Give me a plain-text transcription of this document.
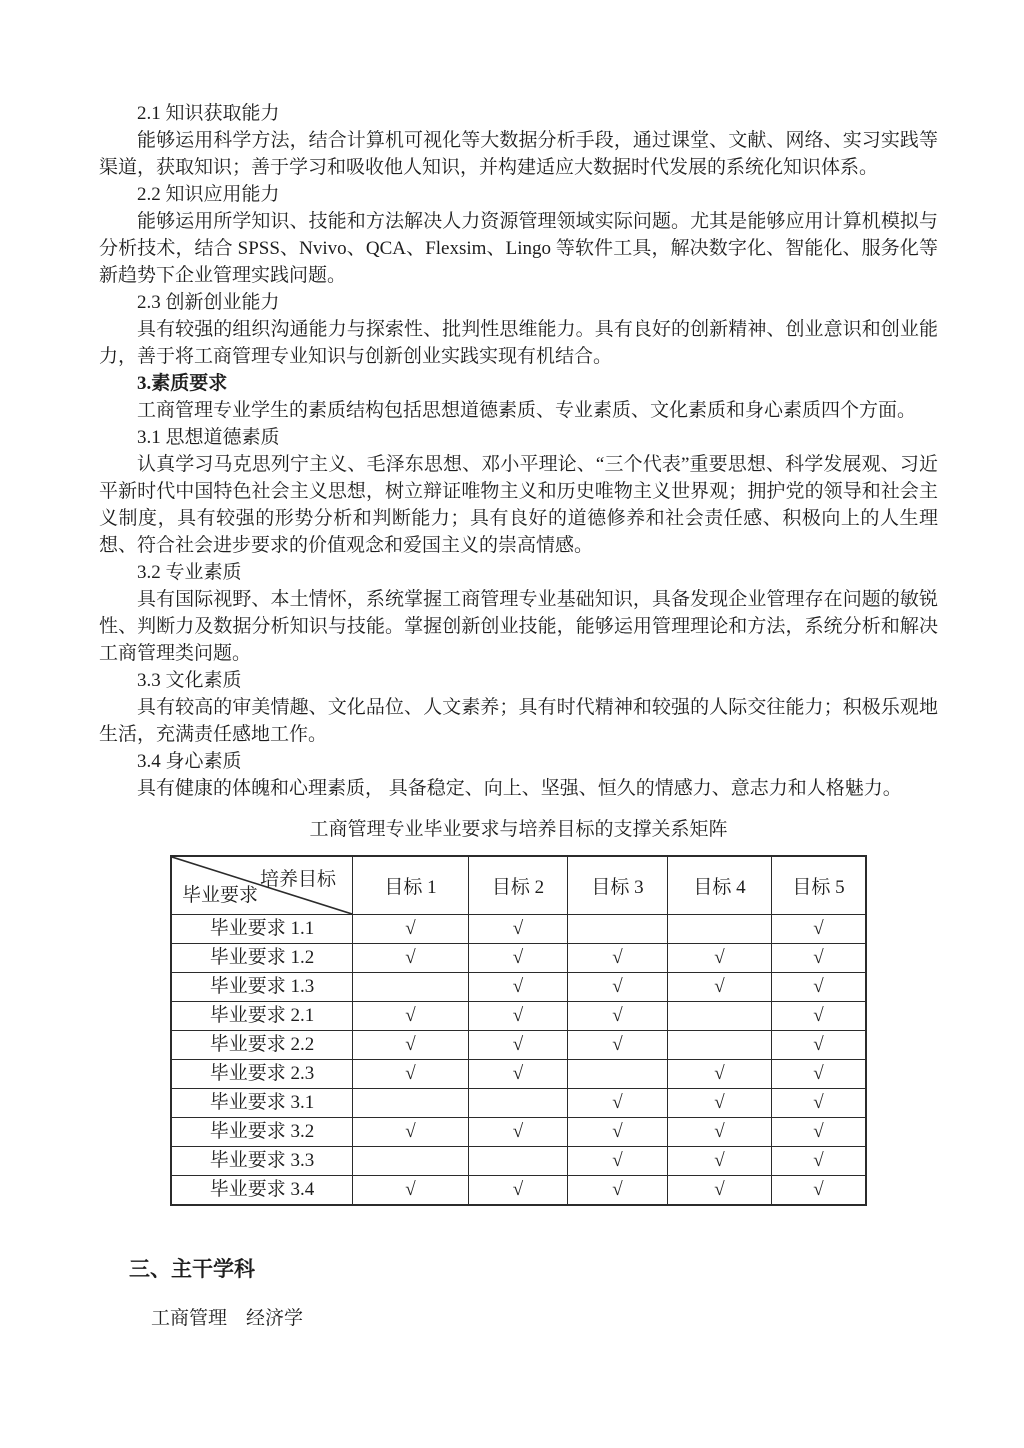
2.1 知识获取能力

能够运用科学方法，结合计算机可视化等大数据分析手段，通过课堂、文献、网络、实习实践等渠道，获取知识；善于学习和吸收他人知识，并构建适应大数据时代发展的系统化知识体系。

2.2 知识应用能力

能够运用所学知识、技能和方法解决人力资源管理领域实际问题。尤其是能够应用计算机模拟与分析技术，结合 SPSS、Nvivo、QCA、Flexsim、Lingo 等软件工具，解决数字化、智能化、服务化等新趋势下企业管理实践问题。

2.3 创新创业能力

具有较强的组织沟通能力与探索性、批判性思维能力。具有良好的创新精神、创业意识和创业能力，善于将工商管理专业知识与创新创业实践实现有机结合。

3.素质要求

工商管理专业学生的素质结构包括思想道德素质、专业素质、文化素质和身心素质四个方面。

3.1 思想道德素质

认真学习马克思列宁主义、毛泽东思想、邓小平理论、“三个代表”重要思想、科学发展观、习近平新时代中国特色社会主义思想，树立辩证唯物主义和历史唯物主义世界观；拥护党的领导和社会主义制度，具有较强的形势分析和判断能力；具有良好的道德修养和社会责任感、积极向上的人生理想、符合社会进步要求的价值观念和爱国主义的崇高情感。

3.2 专业素质

具有国际视野、本土情怀，系统掌握工商管理专业基础知识，具备发现企业管理存在问题的敏锐性、判断力及数据分析知识与技能。掌握创新创业技能，能够运用管理理论和方法，系统分析和解决工商管理类问题。

3.3 文化素质

具有较高的审美情趣、文化品位、人文素养；具有时代精神和较强的人际交往能力；积极乐观地生活，充满责任感地工作。

3.4 身心素质

具有健康的体魄和心理素质， 具备稳定、向上、坚强、恒久的情感力、意志力和人格魅力。

工商管理专业毕业要求与培养目标的支撑关系矩阵
培养目标
毕业要求	目标 1	目标 2	目标 3	目标 4	目标 5
毕业要求 1.1	√	√			√
毕业要求 1.2	√	√	√	√	√
毕业要求 1.3		√	√	√	√
毕业要求 2.1	√	√	√		√
毕业要求 2.2	√	√	√		√
毕业要求 2.3	√	√		√	√
毕业要求 3.1			√	√	√
毕业要求 3.2	√	√	√	√	√
毕业要求 3.3			√	√	√
毕业要求 3.4	√	√	√	√	√
三、主干学科
工商管理　经济学
